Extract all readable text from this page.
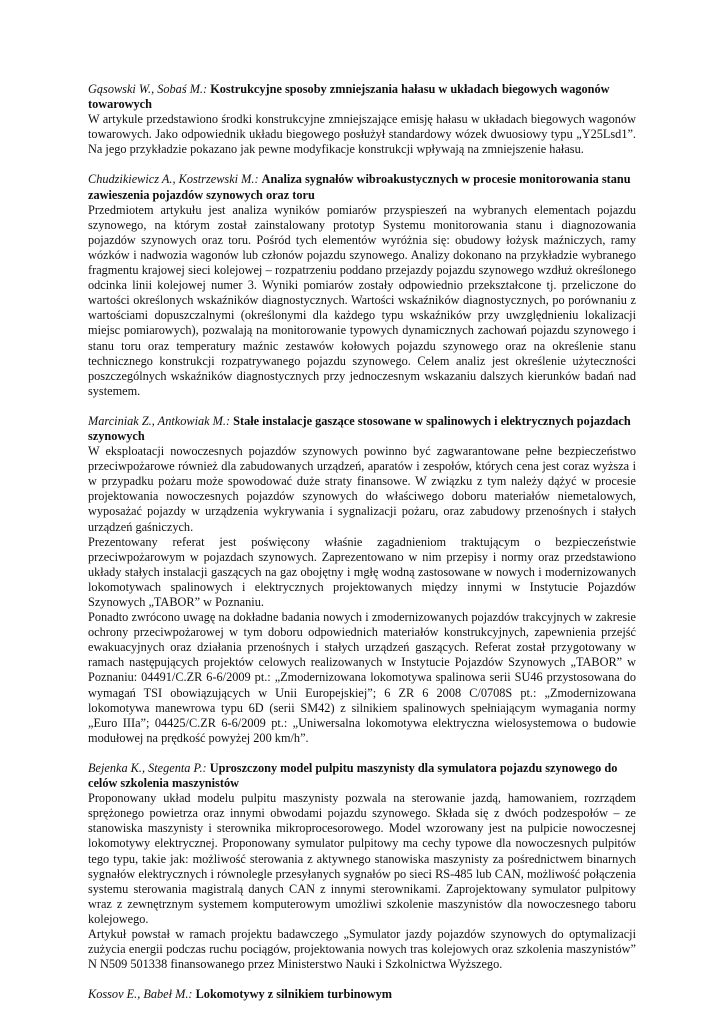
Gąsowski W., Sobaś M.: Kostrukcyjne sposoby zmniejszania hałasu w układach biegowych wagonów towarowych

W artykule przedstawiono środki konstrukcyjne zmniejszające emisję hałasu w układach biegowych wagonów towarowych. Jako odpowiednik układu biegowego posłużył standardowy wózek dwuosiowy typu „Y25Lsd1”. Na jego przykładzie pokazano jak pewne modyfikacje konstrukcji wpływają na zmniejszenie hałasu.

Chudzikiewicz A., Kostrzewski M.: Analiza sygnałów wibroakustycznych w procesie monitorowania stanu zawieszenia pojazdów szynowych oraz toru

Przedmiotem artykułu jest analiza wyników pomiarów przyspieszeń na wybranych elementach pojazdu szynowego, na którym został zainstalowany prototyp Systemu monitorowania stanu i diagnozowania pojazdów szynowych oraz toru. Pośród tych elementów wyróżnia się: obudowy łożysk maźniczych, ramy wózków i nadwozia wagonów lub członów pojazdu szynowego. Analizy dokonano na przykładzie wybranego fragmentu krajowej sieci kolejowej – rozpatrzeniu poddano przejazdy pojazdu szynowego wzdłuż określonego odcinka linii kolejowej numer 3. Wyniki pomiarów zostały odpowiednio przekształcone tj. przeliczone do wartości określonych wskaźników diagnostycznych. Wartości wskaźników diagnostycznych, po porównaniu z wartościami dopuszczalnymi (określonymi dla każdego typu wskaźników przy uwzględnieniu lokalizacji miejsc pomiarowych), pozwalają na monitorowanie typowych dynamicznych zachowań pojazdu szynowego i stanu toru oraz temperatury maźnic zestawów kołowych pojazdu szynowego oraz na określenie stanu technicznego konstrukcji rozpatrywanego pojazdu szynowego. Celem analiz jest określenie użyteczności poszczególnych wskaźników diagnostycznych przy jednoczesnym wskazaniu dalszych kierunków badań nad systemem.

Marciniak Z., Antkowiak M.: Stałe instalacje gaszące stosowane w spalinowych i elektrycznych pojazdach szynowych

W eksploatacji nowoczesnych pojazdów szynowych powinno być zagwarantowane pełne bezpieczeństwo przeciwpożarowe również dla zabudowanych urządzeń, aparatów i zespołów, których cena jest coraz wyższa i w przypadku pożaru może spowodować duże straty finansowe. W związku z tym należy dążyć w procesie projektowania nowoczesnych pojazdów szynowych do właściwego doboru materiałów niemetalowych, wyposażać pojazdy w urządzenia wykrywania i sygnalizacji pożaru, oraz zabudowy przenośnych i stałych urządzeń gaśniczych.

Prezentowany referat jest poświęcony właśnie zagadnieniom traktującym o bezpieczeństwie przeciwpożarowym w pojazdach szynowych. Zaprezentowano w nim przepisy i normy oraz przedstawiono układy stałych instalacji gaszących na gaz obojętny i mgłę wodną zastosowane w nowych i modernizowanych lokomotywach spalinowych i elektrycznych projektowanych między innymi w Instytucie Pojazdów Szynowych „TABOR” w Poznaniu.

Ponadto zwrócono uwagę na dokładne badania nowych i zmodernizowanych pojazdów trakcyjnych w zakresie ochrony przeciwpożarowej w tym doboru odpowiednich materiałów konstrukcyjnych, zapewnienia przejść ewakuacyjnych oraz działania przenośnych i stałych urządzeń gaszących. Referat został przygotowany w ramach następujących projektów celowych realizowanych w Instytucie Pojazdów Szynowych „TABOR” w Poznaniu: 04491/C.ZR 6-6/2009 pt.: „Zmodernizowana lokomotywa spalinowa serii SU46 przystosowana do wymagań TSI obowiązujących w Unii Europejskiej”; 6 ZR 6 2008 C/0708S pt.: „Zmodernizowana lokomotywa manewrowa typu 6D (serii SM42) z silnikiem spalinowych spełniającym wymagania normy „Euro IIIa”; 04425/C.ZR 6-6/2009 pt.: „Uniwersalna lokomotywa elektryczna wielosystemowa o budowie modułowej na prędkość powyżej 200 km/h”.

Bejenka K., Stegenta P.: Uproszczony model pulpitu maszynisty dla symulatora pojazdu szynowego do celów szkolenia maszynistów

Proponowany układ modelu pulpitu maszynisty pozwala na sterowanie jazdą, hamowaniem, rozrządem sprężonego powietrza oraz innymi obwodami pojazdu szynowego. Składa się z dwóch podzespołów – ze stanowiska maszynisty i sterownika mikroprocesorowego. Model wzorowany jest na pulpicie nowoczesnej lokomotywy elektrycznej. Proponowany symulator pulpitowy ma cechy typowe dla nowoczesnych pulpitów tego typu, takie jak: możliwość sterowania z aktywnego stanowiska maszynisty za pośrednictwem binarnych sygnałów elektrycznych i równolegle przesyłanych sygnałów po sieci RS-485 lub CAN, możliwość połączenia systemu sterowania magistralą danych CAN z innymi sterownikami. Zaprojektowany symulator pulpitowy wraz z zewnętrznym systemem komputerowym umożliwi szkolenie maszynistów dla nowoczesnego taboru kolejowego.

Artykuł powstał w ramach projektu badawczego „Symulator jazdy pojazdów szynowych do optymalizacji zużycia energii podczas ruchu pociągów, projektowania nowych tras kolejowych oraz szkolenia maszynistów” N N509 501338 finansowanego przez Ministerstwo Nauki i Szkolnictwa Wyższego.

Kossov E., Babeł M.: Lokomotywy z silnikiem turbinowym
